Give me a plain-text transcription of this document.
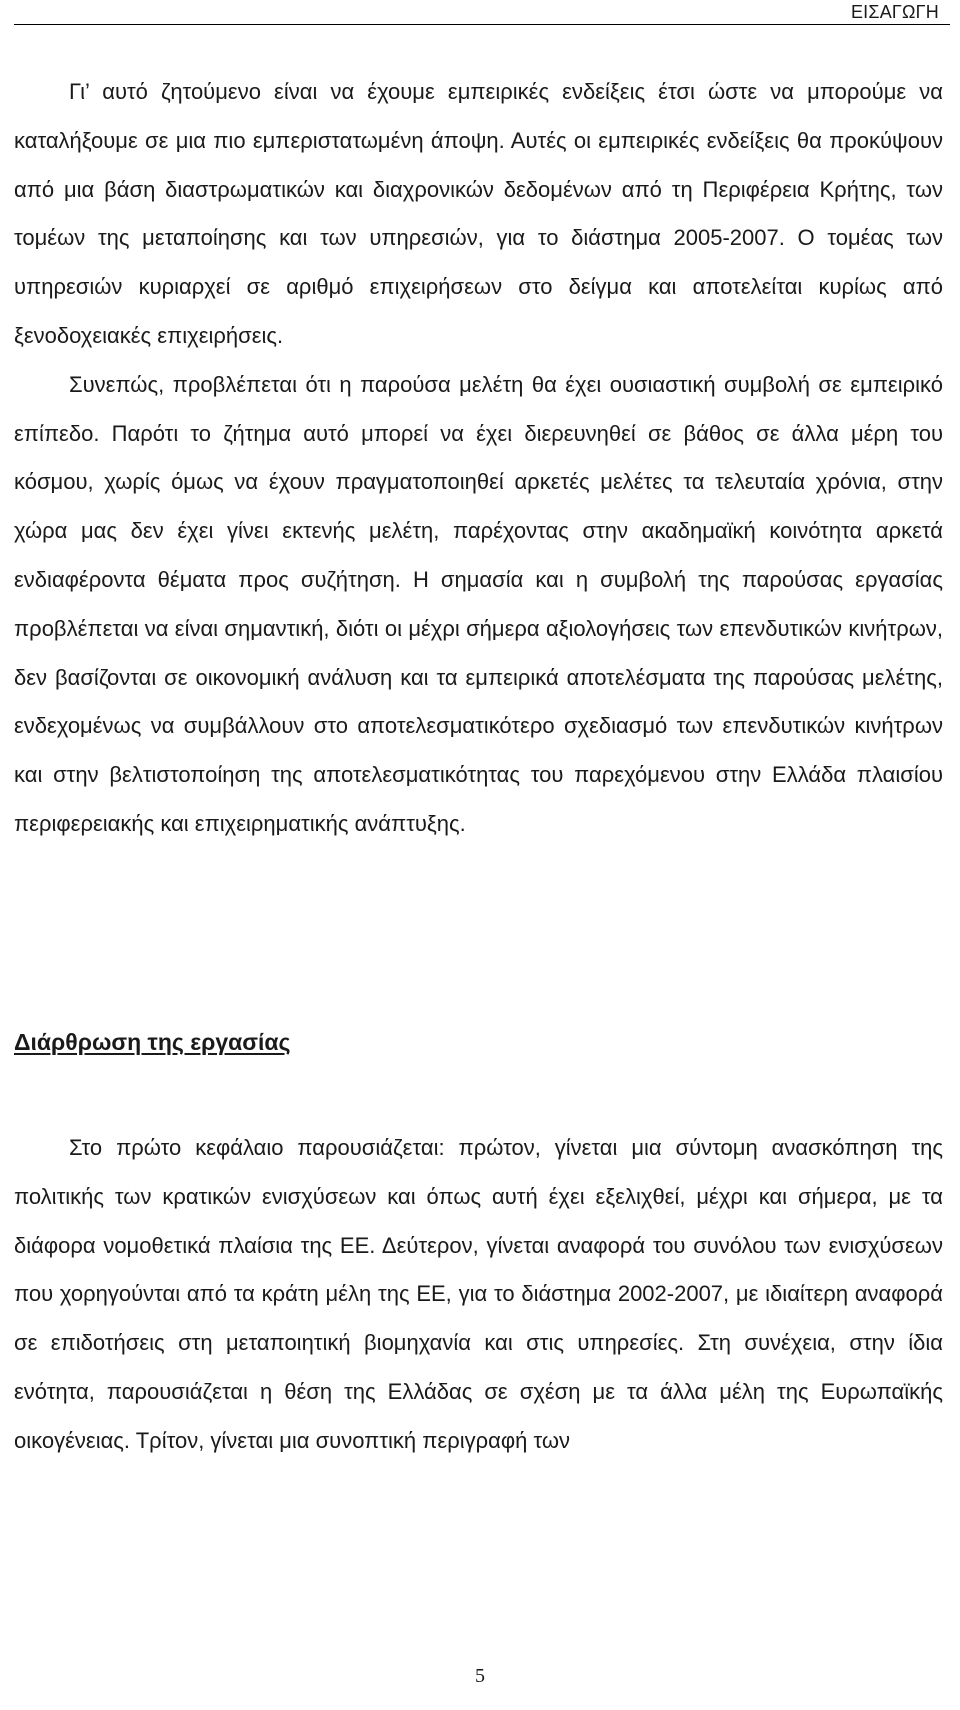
ΕΙΣΑΓΩΓΗ

Γι’ αυτό ζητούμενο είναι να έχουμε εμπειρικές ενδείξεις έτσι ώστε να μπορούμε να καταλήξουμε σε μια πιο εμπεριστατωμένη άποψη. Αυτές οι εμπειρικές ενδείξεις θα προκύψουν από μια βάση διαστρωματικών και διαχρονικών δεδομένων από τη Περιφέρεια Κρήτης, των τομέων της μεταποίησης και των υπηρεσιών, για το διάστημα 2005-2007. Ο τομέας των υπηρεσιών κυριαρχεί σε αριθμό επιχειρήσεων στο δείγμα και αποτελείται κυρίως από ξενοδοχειακές επιχειρήσεις.

Συνεπώς, προβλέπεται ότι η παρούσα μελέτη θα έχει ουσιαστική συμβολή σε εμπειρικό επίπεδο. Παρότι το ζήτημα αυτό μπορεί να έχει διερευνηθεί σε βάθος σε άλλα μέρη του κόσμου, χωρίς όμως να έχουν πραγματοποιηθεί αρκετές μελέτες τα τελευταία χρόνια, στην χώρα μας δεν έχει γίνει εκτενής μελέτη, παρέχοντας στην ακαδημαϊκή κοινότητα αρκετά ενδιαφέροντα θέματα προς συζήτηση. Η σημασία και η συμβολή της παρούσας εργασίας προβλέπεται να είναι σημαντική, διότι οι μέχρι σήμερα αξιολογήσεις των επενδυτικών κινήτρων, δεν βασίζονται σε οικονομική ανάλυση και τα εμπειρικά αποτελέσματα της παρούσας μελέτης, ενδεχομένως να συμβάλλουν στο αποτελεσματικότερο σχεδιασμό των επενδυτικών κινήτρων και στην βελτιστοποίηση της αποτελεσματικότητας του παρεχόμενου στην Ελλάδα πλαισίου περιφερειακής και επιχειρηματικής ανάπτυξης.

Διάρθρωση της εργασίας

Στο πρώτο κεφάλαιο παρουσιάζεται: πρώτον, γίνεται μια σύντομη ανασκόπηση της πολιτικής των κρατικών ενισχύσεων και όπως αυτή έχει εξελιχθεί, μέχρι και σήμερα, με τα διάφορα νομοθετικά πλαίσια της ΕΕ. Δεύτερον, γίνεται αναφορά του συνόλου των ενισχύσεων που χορηγούνται από τα κράτη μέλη της ΕΕ, για το διάστημα 2002-2007, με ιδιαίτερη αναφορά σε επιδοτήσεις στη μεταποιητική βιομηχανία και στις υπηρεσίες. Στη συνέχεια, στην ίδια ενότητα, παρουσιάζεται η θέση της Ελλάδας σε σχέση με τα άλλα μέλη της Ευρωπαϊκής οικογένειας. Τρίτον, γίνεται μια συνοπτική περιγραφή των

5
